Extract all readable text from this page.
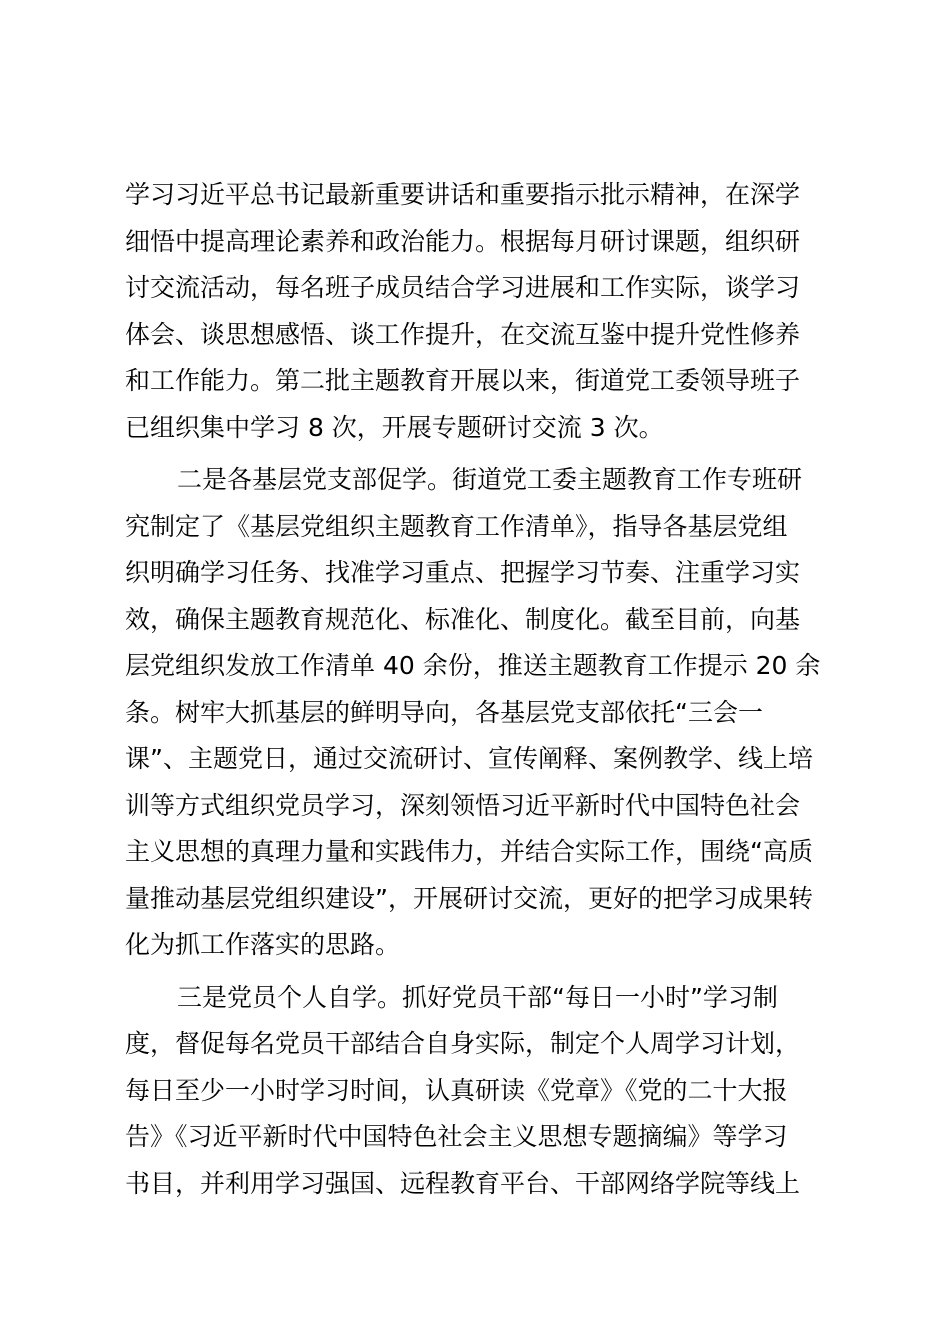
学习习近平总书记最新重要讲话和重要指示批示精神，在深学
细悟中提高理论素养和政治能力。根据每月研讨课题，组织研
讨交流活动，每名班子成员结合学习进展和工作实际，谈学习
体会、谈思想感悟、谈工作提升，在交流互鉴中提升党性修养
和工作能力。第二批主题教育开展以来，街道党工委领导班子
已组织集中学习 8 次，开展专题研讨交流 3 次。
二是各基层党支部促学。街道党工委主题教育工作专班研
究制定了《基层党组织主题教育工作清单》，指导各基层党组
织明确学习任务、找准学习重点、把握学习节奏、注重学习实
效，确保主题教育规范化、标准化、制度化。截至目前，向基
层党组织发放工作清单 40 余份，推送主题教育工作提示 20 余
条。树牢大抓基层的鲜明导向，各基层党支部依托“三会一
课”、主题党日，通过交流研讨、宣传阐释、案例教学、线上培
训等方式组织党员学习，深刻领悟习近平新时代中国特色社会
主义思想的真理力量和实践伟力，并结合实际工作，围绕“高质
量推动基层党组织建设”，开展研讨交流，更好的把学习成果转
化为抓工作落实的思路。
三是党员个人自学。抓好党员干部“每日一小时”学习制
度，督促每名党员干部结合自身实际，制定个人周学习计划，
每日至少一小时学习时间，认真研读《党章》《党的二十大报
告》《习近平新时代中国特色社会主义思想专题摘编》等学习
书目，并利用学习强国、远程教育平台、干部网络学院等线上
